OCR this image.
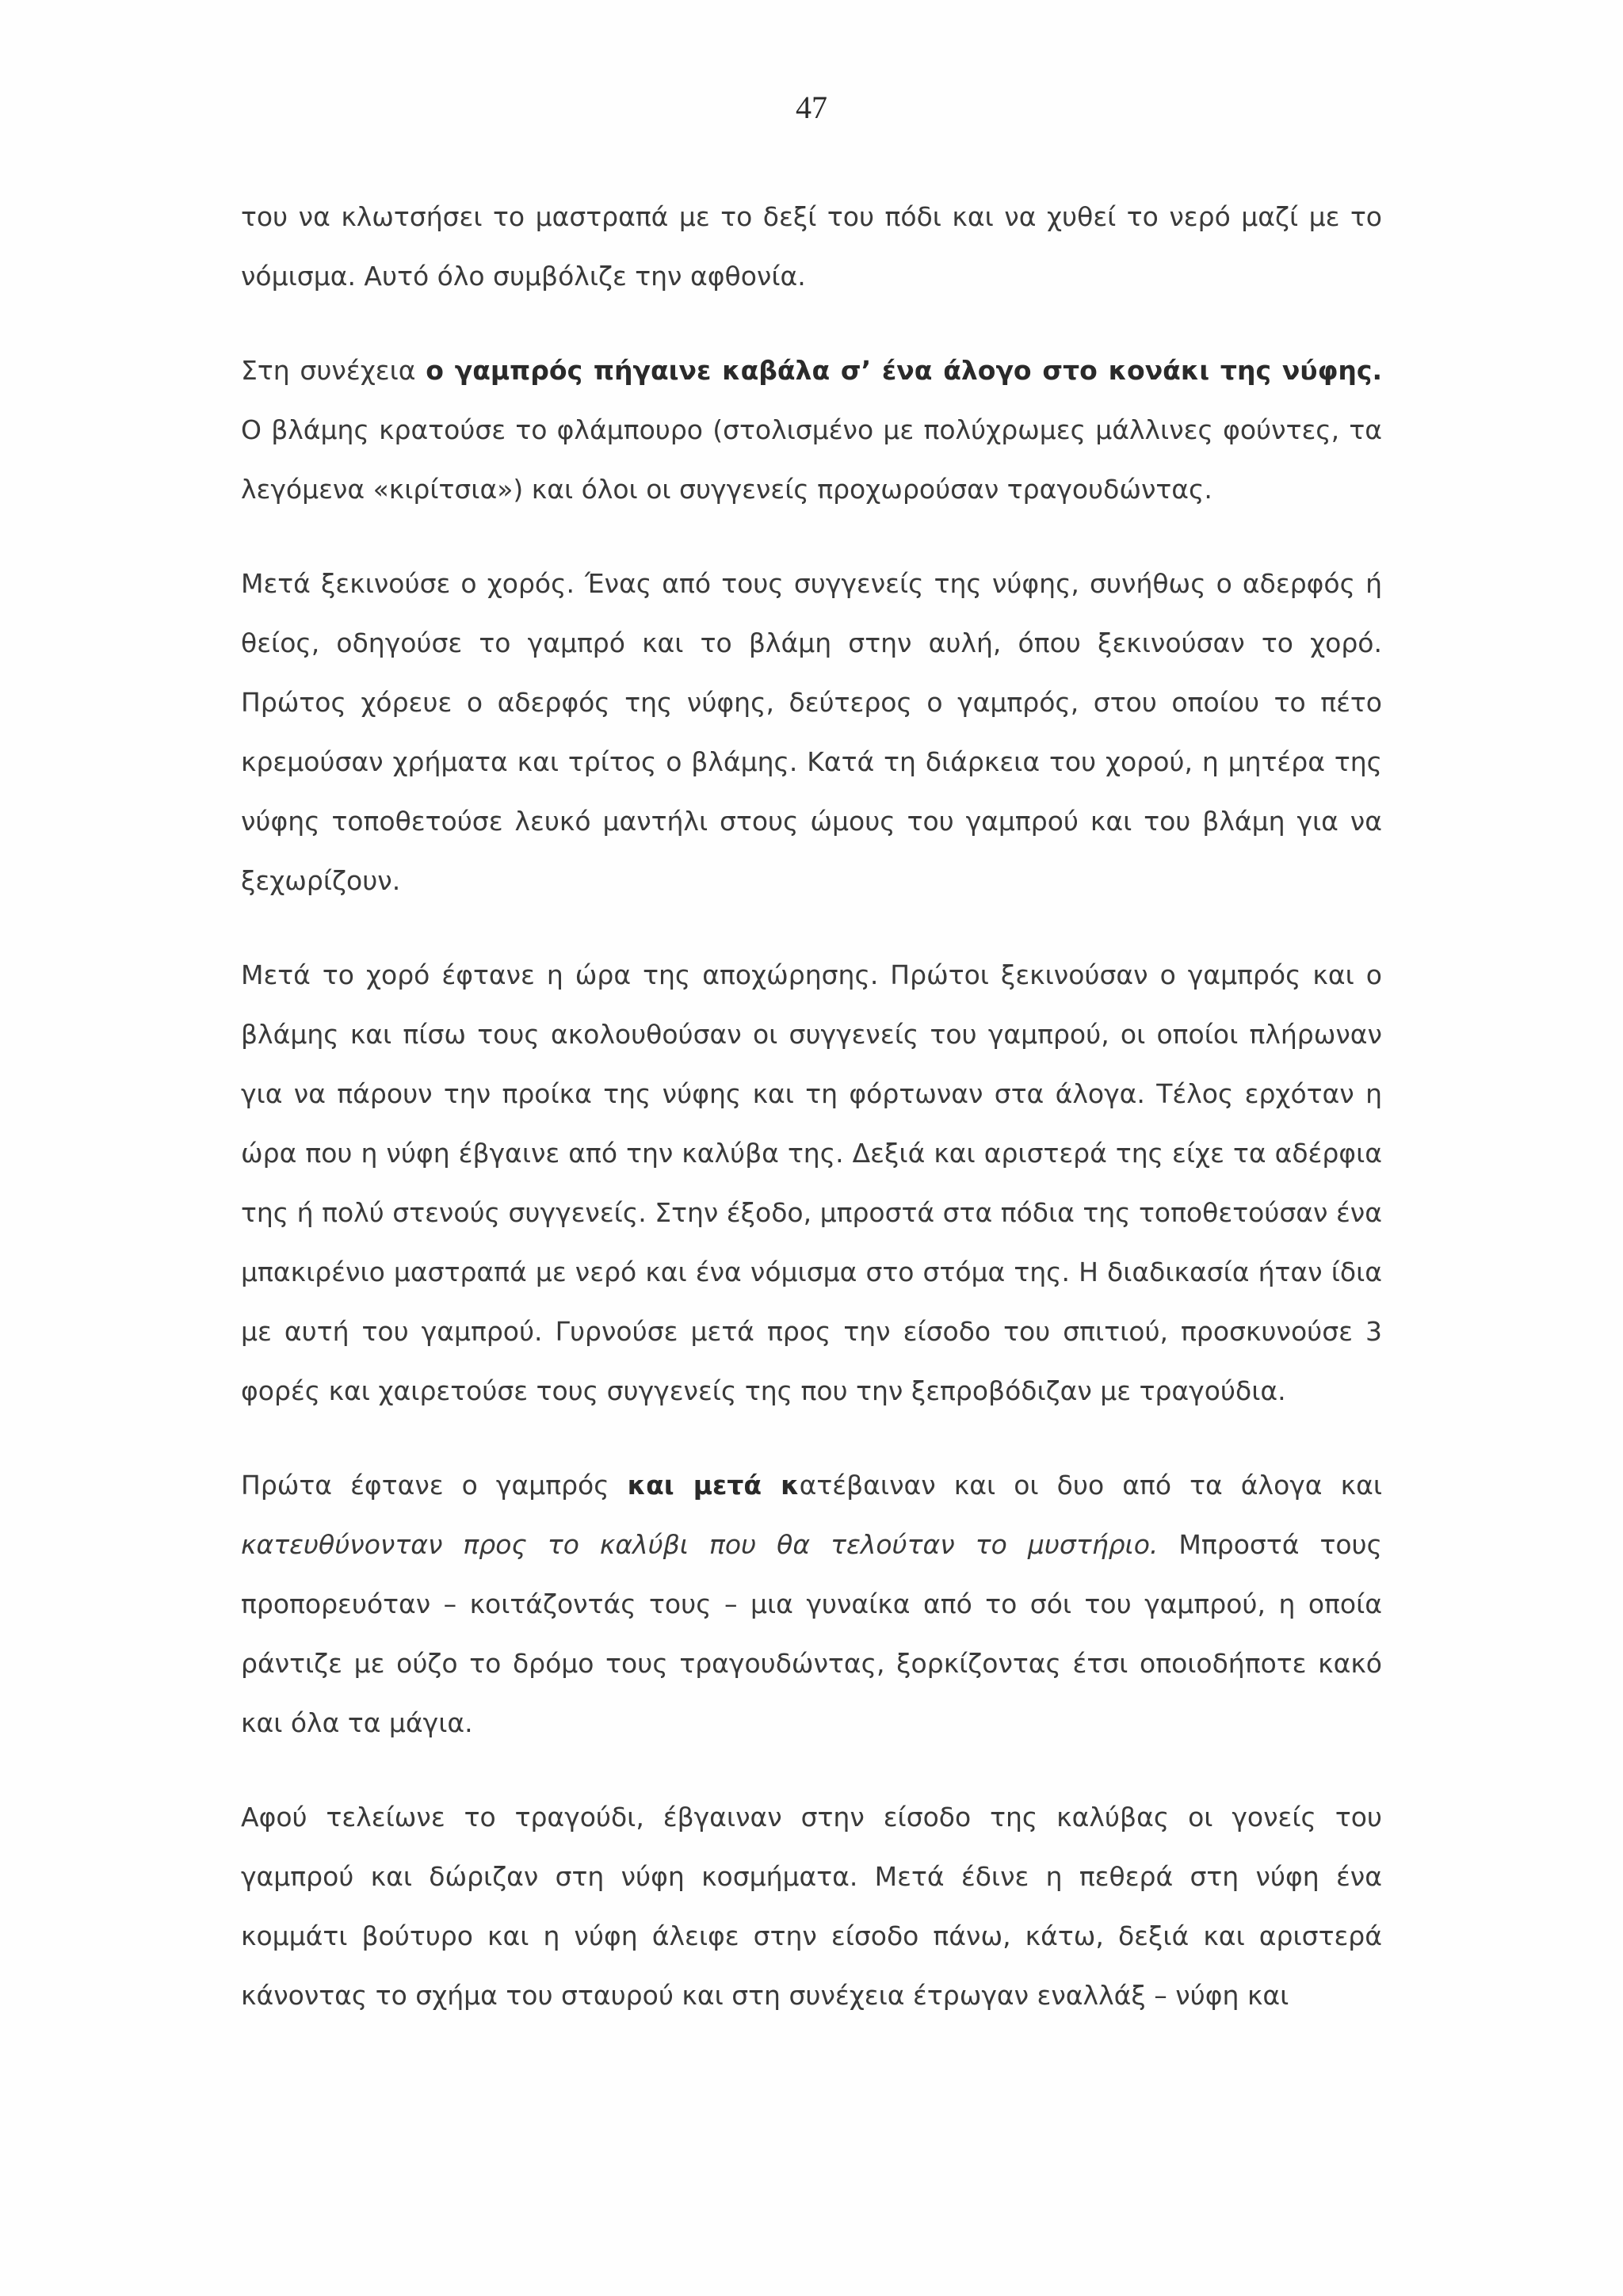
47

του να κλωτσήσει το μαστραπά με το δεξί του πόδι και να χυθεί το νερό μαζί με το νόμισμα. Αυτό όλο συμβόλιζε την αφθονία.

Στη συνέχεια ο γαμπρός πήγαινε καβάλα σ’ ένα άλογο στο κονάκι της νύφης. Ο βλάμης κρατούσε το φλάμπουρο (στολισμένο με πολύχρωμες μάλλινες φούντες, τα λεγόμενα «κιρίτσια») και όλοι οι συγγενείς προχωρούσαν τραγουδώντας.

Μετά ξεκινούσε ο χορός. Ένας από τους συγγενείς της νύφης, συνήθως ο αδερφός ή θείος, οδηγούσε το γαμπρό και το βλάμη στην αυλή, όπου ξεκινούσαν το χορό. Πρώτος χόρευε ο αδερφός της νύφης, δεύτερος ο γαμπρός, στου οποίου το πέτο κρεμούσαν χρήματα και τρίτος ο βλάμης. Κατά τη διάρκεια του χορού, η μητέρα της νύφης τοποθετούσε λευκό μαντήλι στους ώμους του γαμπρού και του βλάμη για να ξεχωρίζουν.

Μετά το χορό έφτανε η ώρα της αποχώρησης. Πρώτοι ξεκινούσαν ο γαμπρός και ο βλάμης και πίσω τους ακολουθούσαν οι συγγενείς του γαμπρού, οι οποίοι πλήρωναν για να πάρουν την προίκα της νύφης και τη φόρτωναν στα άλογα. Τέλος ερχόταν η ώρα που η νύφη έβγαινε από την καλύβα της. Δεξιά και αριστερά της είχε τα αδέρφια της ή πολύ στενούς συγγενείς. Στην έξοδο, μπροστά στα πόδια της τοποθετούσαν ένα μπακιρένιο μαστραπά με νερό και ένα νόμισμα στο στόμα της. Η διαδικασία ήταν ίδια με αυτή του γαμπρού. Γυρνούσε μετά προς την είσοδο του σπιτιού, προσκυνούσε 3 φορές και χαιρετούσε τους συγγενείς της που την ξεπροβόδιζαν με τραγούδια.

Πρώτα έφτανε ο γαμπρός και μετά κατέβαιναν και οι δυο από τα άλογα και κατευθύνονταν προς το καλύβι που θα τελούταν το μυστήριο. Μπροστά τους προπορευόταν – κοιτάζοντάς τους – μια γυναίκα από το σόι του γαμπρού, η οποία ράντιζε με ούζο το δρόμο τους τραγουδώντας, ξορκίζοντας έτσι οποιοδήποτε κακό και όλα τα μάγια.

Αφού τελείωνε το τραγούδι, έβγαιναν στην είσοδο της καλύβας οι γονείς του γαμπρού και δώριζαν στη νύφη κοσμήματα. Μετά έδινε η πεθερά στη νύφη ένα κομμάτι βούτυρο και η νύφη άλειφε στην είσοδο πάνω, κάτω, δεξιά και αριστερά κάνοντας το σχήμα του σταυρού και στη συνέχεια έτρωγαν εναλλάξ – νύφη και
